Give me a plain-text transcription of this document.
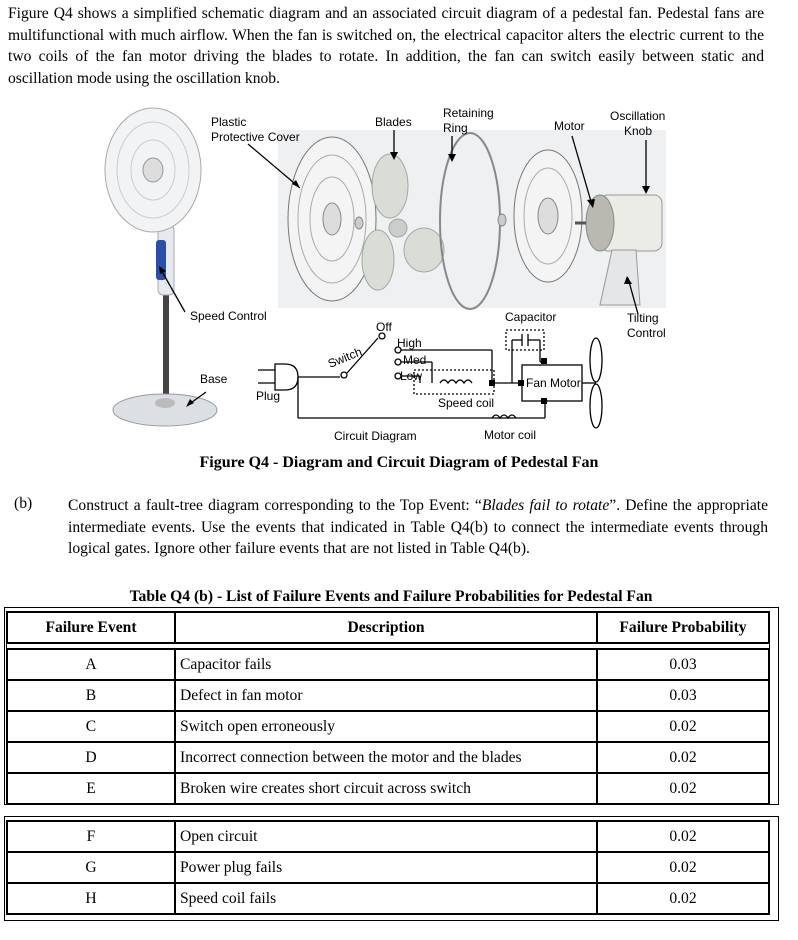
Figure Q4 shows a simplified schematic diagram and an associated circuit diagram of a pedestal fan. Pedestal fans are multifunctional with much airflow. When the fan is switched on, the electrical capacitor alters the electric current to the two coils of the fan motor driving the blades to rotate. In addition, the fan can switch easily between static and oscillation mode using the oscillation knob.

Plastic
Protective Cover
Blades
Retaining
Ring	Motor
Oscillation
Knob
Speed Control	Tilting
Control
Base
Plug
Switch
Off
High
Med
Low
Capacitor
Fan Motor
Speed coil
Motor coil
Circuit Diagram
Figure Q4 - Diagram and Circuit Diagram of Pedestal Fan
(b) Construct a fault-tree diagram corresponding to the Top Event: “Blades fail to rotate”. Define the appropriate intermediate events. Use the events that indicated in Table Q4(b) to connect the intermediate events through logical gates. Ignore other failure events that are not listed in Table Q4(b).

Table Q4 (b) - List of Failure Events and Failure Probabilities for Pedestal Fan
Failure Event	Description	Failure Probability

A	Capacitor fails	0.03
B	Defect in fan motor	0.03
C	Switch open erroneously	0.02
D	Incorrect connection between the motor and the blades	0.02
E	Broken wire creates short circuit across switch	0.02
F	Open circuit	0.02
G	Power plug fails	0.02
H	Speed coil fails	0.02
